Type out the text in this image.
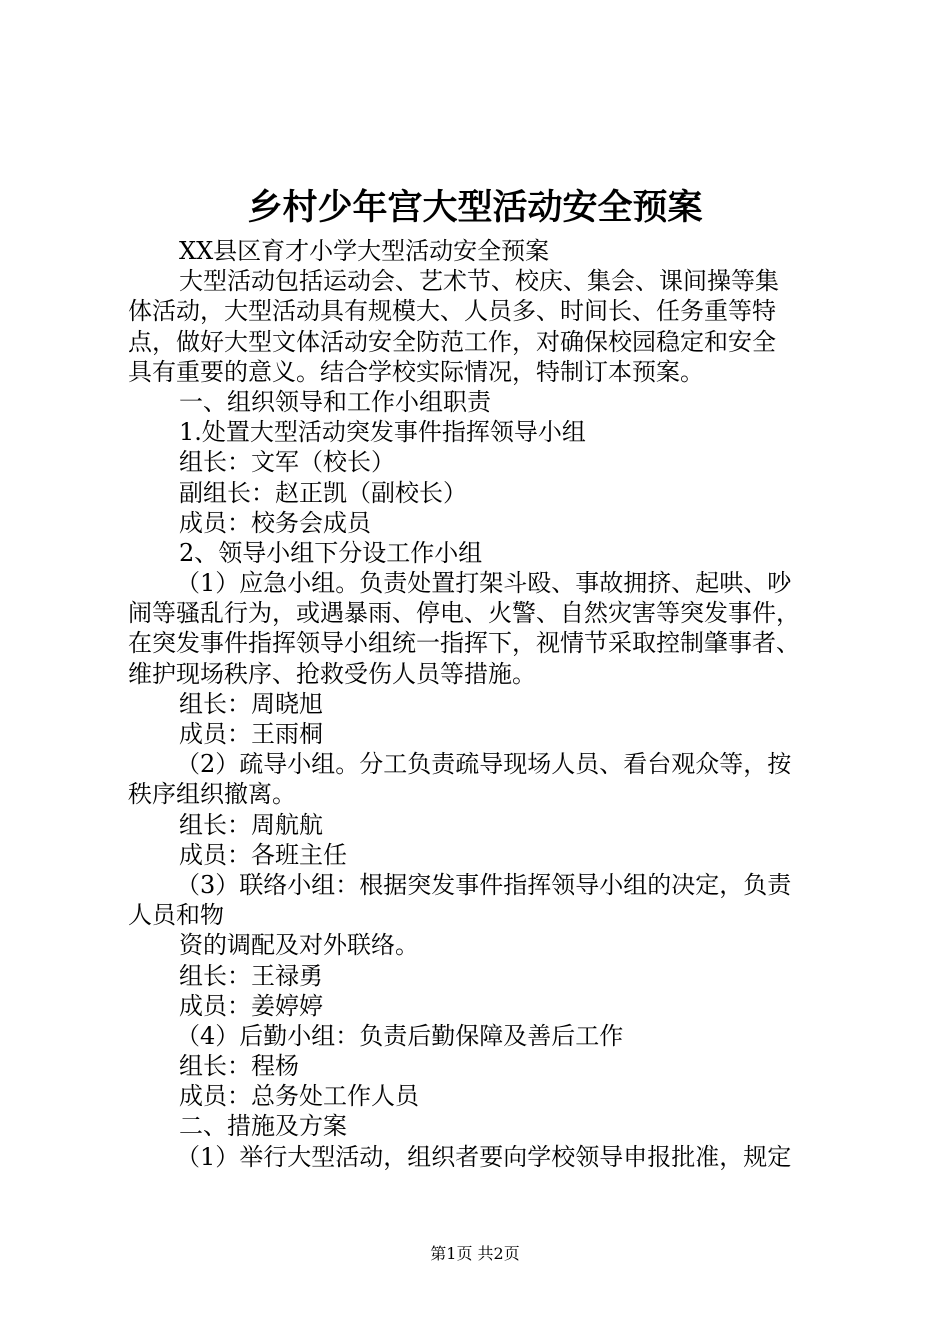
乡村少年宫大型活动安全预案

XX县区育才小学大型活动安全预案

大型活动包括运动会、艺术节、校庆、集会、课间操等集

体活动，大型活动具有规模大、人员多、时间长、任务重等特

点，做好大型文体活动安全防范工作，对确保校园稳定和安全

具有重要的意义。结合学校实际情况，特制订本预案。

一、组织领导和工作小组职责

1.处置大型活动突发事件指挥领导小组

组长：文军（校长）

副组长：赵正凯（副校长）

成员：校务会成员

2、领导小组下分设工作小组

（1）应急小组。负责处置打架斗殴、事故拥挤、起哄、吵

闹等骚乱行为，或遇暴雨、停电、火警、自然灾害等突发事件，

在突发事件指挥领导小组统一指挥下，视情节采取控制肇事者、

维护现场秩序、抢救受伤人员等措施。

组长：周晓旭

成员：王雨桐

（2）疏导小组。分工负责疏导现场人员、看台观众等，按

秩序组织撤离。

组长：周航航

成员：各班主任

（3）联络小组：根据突发事件指挥领导小组的决定，负责

人员和物

资的调配及对外联络。

组长：王禄勇

成员：姜婷婷

（4）后勤小组：负责后勤保障及善后工作

组长：程杨

成员：总务处工作人员

二、措施及方案

（1）举行大型活动，组织者要向学校领导申报批准，规定

第1页 共2页
